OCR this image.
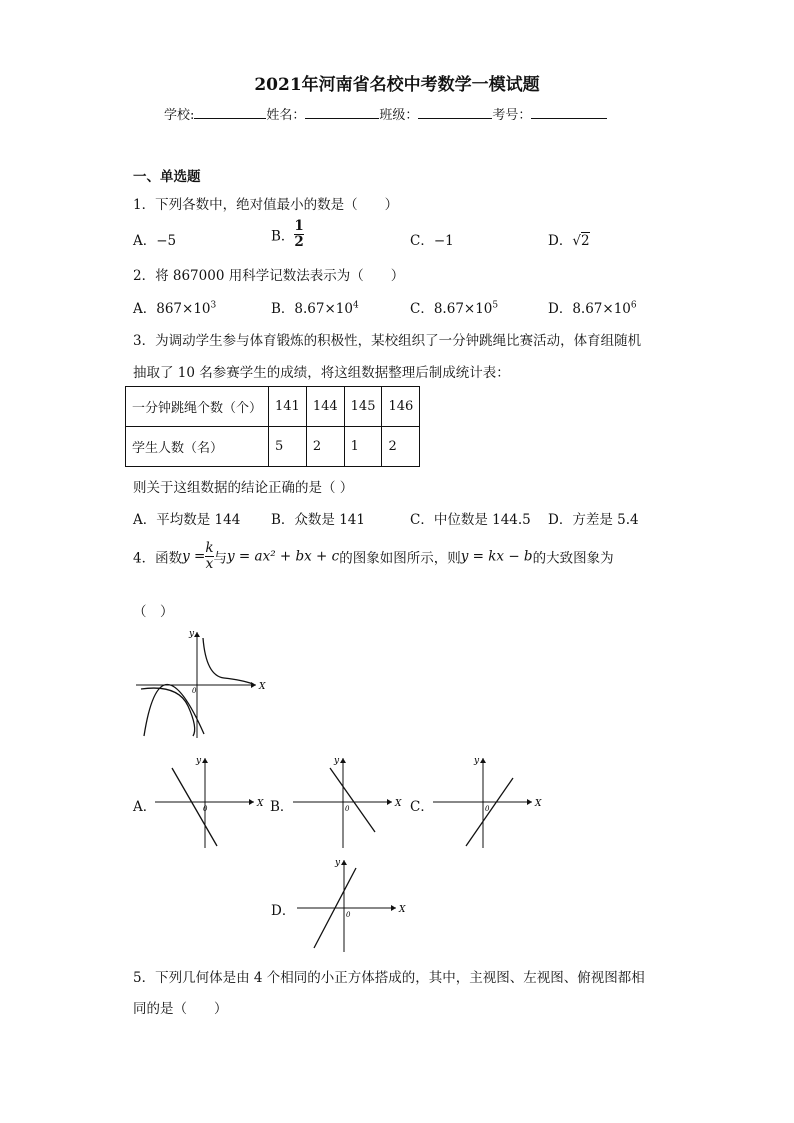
2021年河南省名校中考数学一模试题
学校:	姓名：	班级：	考号：
一、单选题
1．下列各数中，绝对值最小的数是（　　）
A．−5	B． $\frac{1}{2}$	C．−1	D．√2
2．将 867000 用科学记数法表示为（　　）
A．$867\times 10^3$	B．$8.67\times 10^4$	C．$8.67\times 10^5$	D．$8.67\times 10^6$
3．为调动学生参与体育锻炼的积极性，某校组织了一分钟跳绳比赛活动，体育组随机
抽取了 10 名参赛学生的成绩，将这组数据整理后制成统计表：
一分钟跳绳个数（个）	141	144	145	146
学生人数（名）	5	2	1	2
则关于这组数据的结论正确的是（ ）
A．平均数是 144 B．众数是 141	C．中位数是 144.5 D．方差是 5.4
4．函数$y = \frac{k}{x}$ 与y = ax² + bx + c的图象如图所示，则y = kx − b的大致图象为
（　）
X
y
0
A．	B．	C．
D．
X
y
0	X
y
0	X
y
0
X
y
0
5．下列几何体是由 4 个相同的小正方体搭成的，其中，主视图、左视图、俯视图都相
同的是（　　）
